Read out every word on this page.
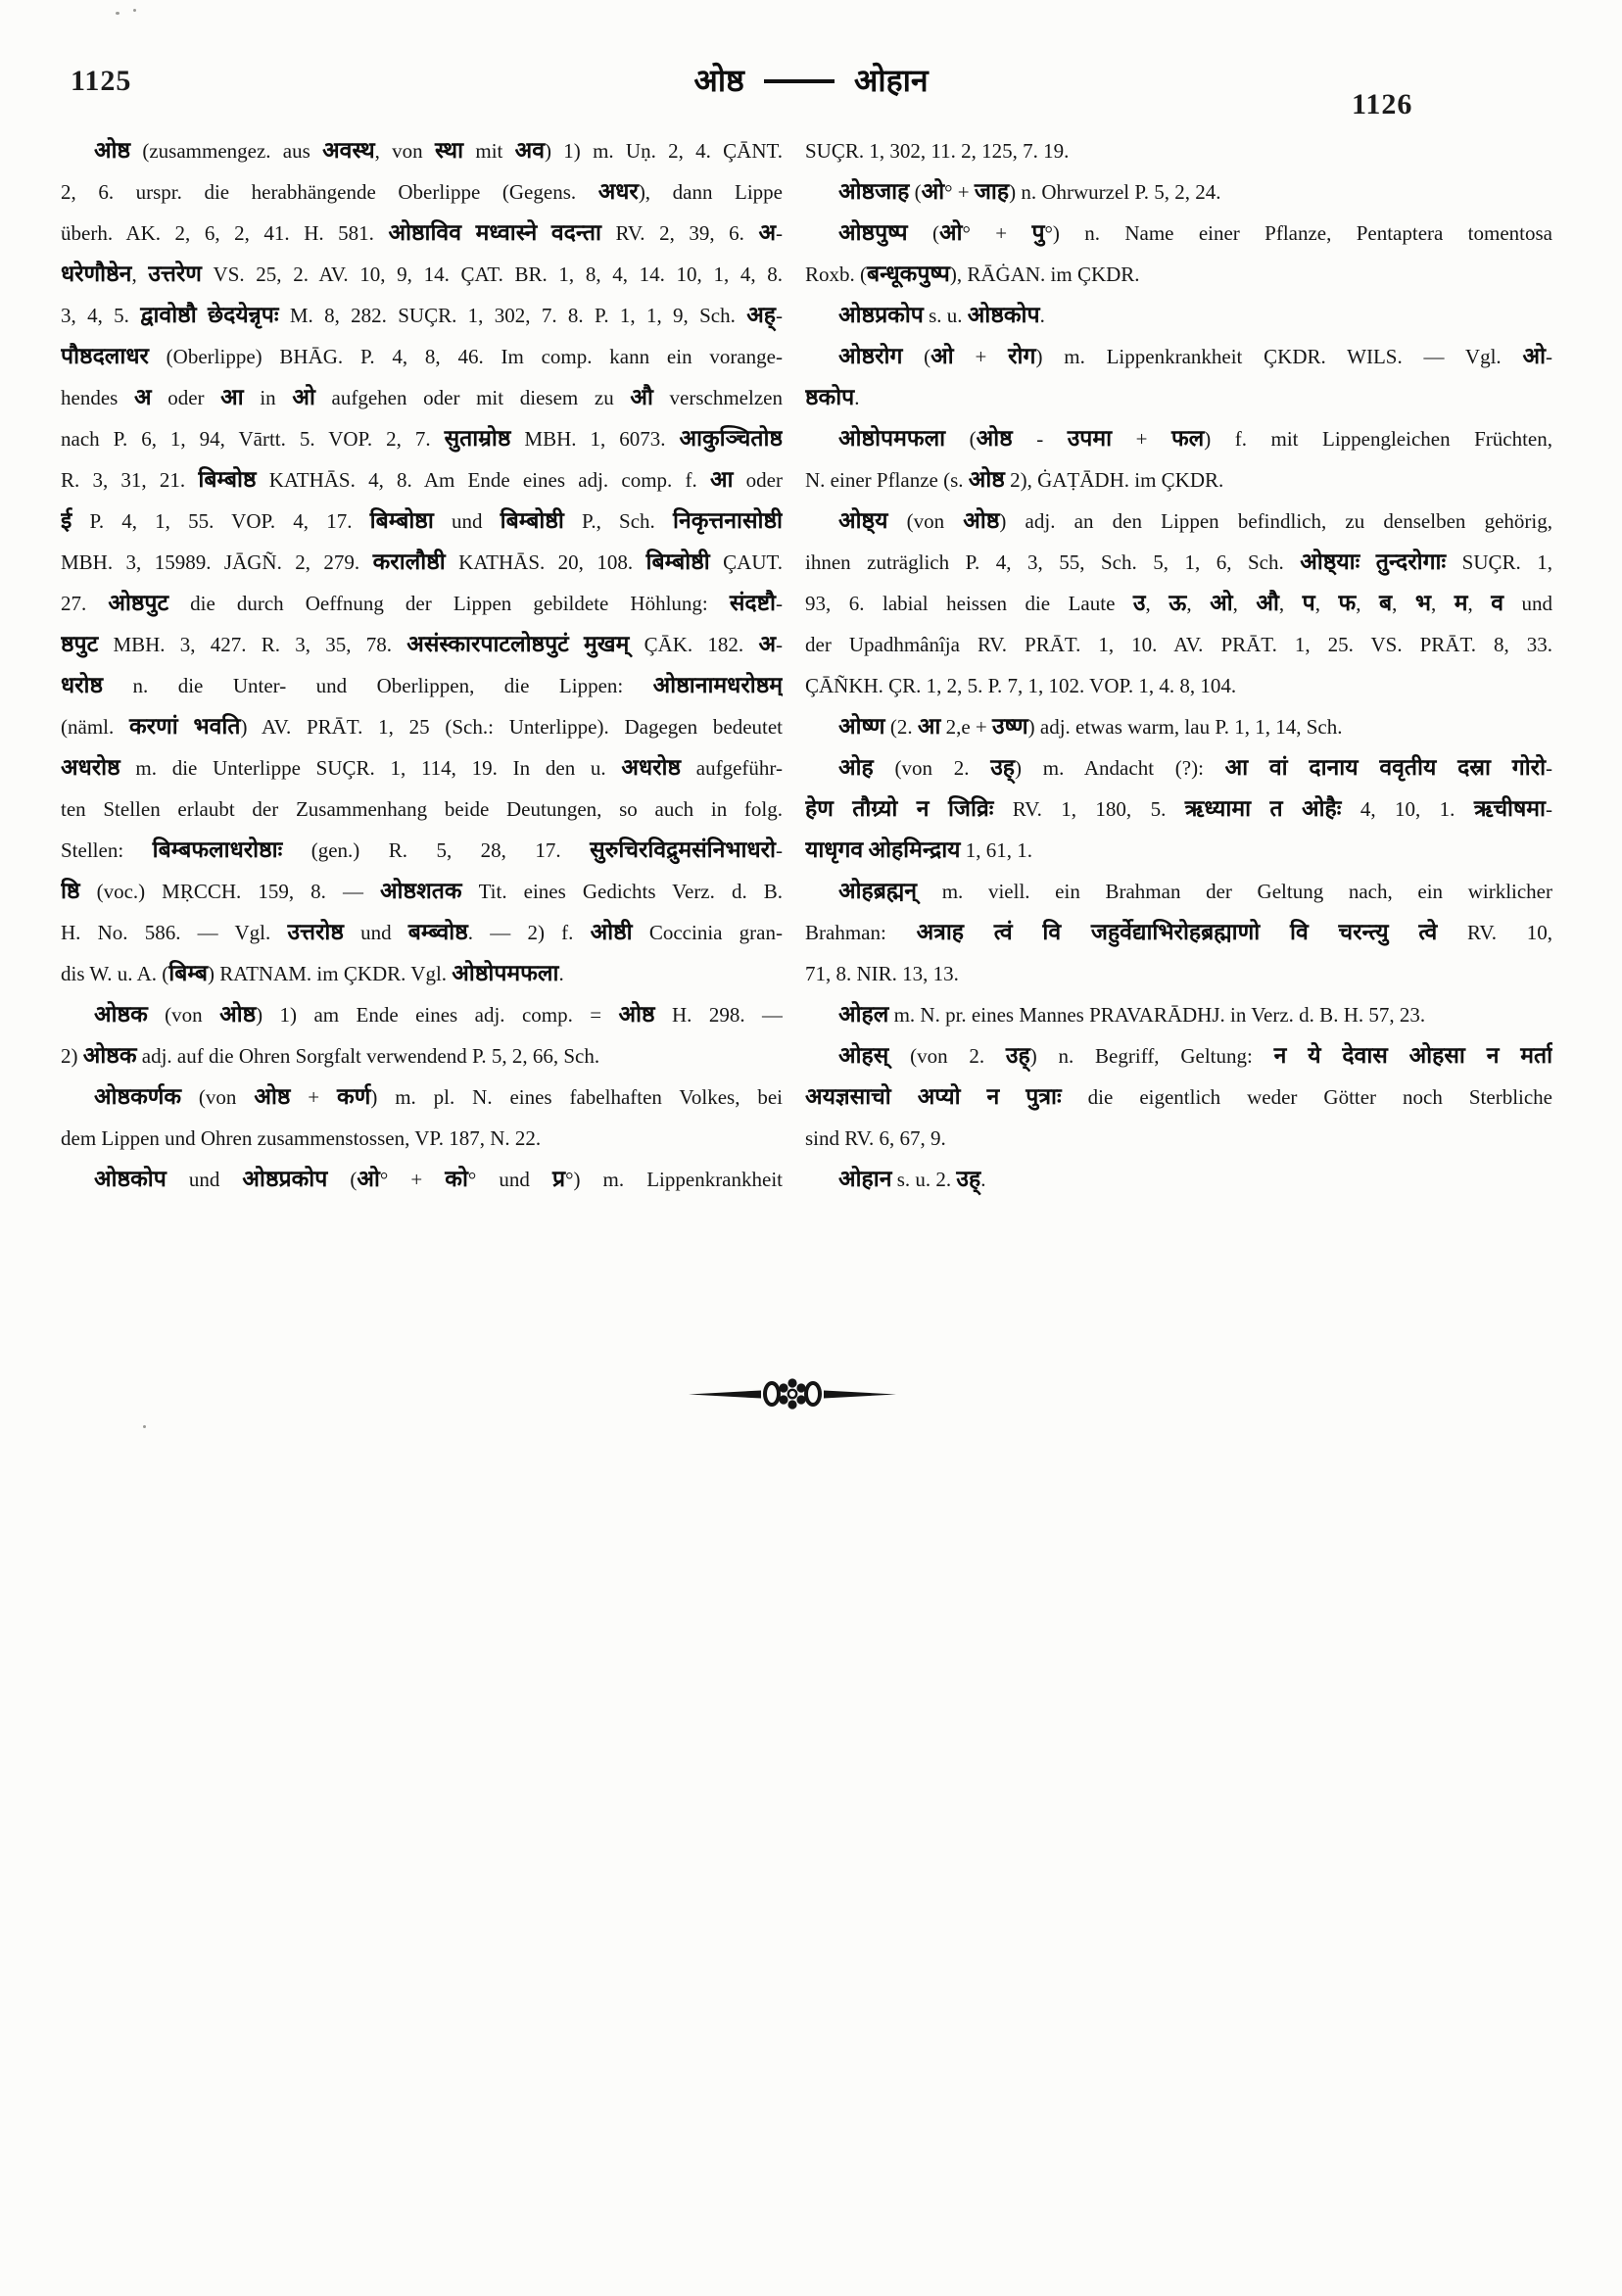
1125	ओष्ठ	ओहान
1126
ओष्ठ (zusammengez. aus अवस्थ, von स्था mit अव) 1) m. Uṇ. 2, 4. ÇĀNT.
2, 6. urspr. die herabhängende Oberlippe (Gegens. अधर), dann Lippe
überh. AK. 2, 6, 2, 41. H. 581. ओष्ठाविव मध्वास्ने वदन्ता RV. 2, 39, 6. अ-
धरेणौष्ठेन, उत्तरेण VS. 25, 2. AV. 10, 9, 14. ÇAT. BR. 1, 8, 4, 14. 10, 1, 4, 8.
3, 4, 5. द्वावोष्ठौ छेदयेन्नृपः M. 8, 282. SUÇR. 1, 302, 7. 8. P. 1, 1, 9, Sch. अह्-
पौष्ठदलाधर (Oberlippe) BHĀG. P. 4, 8, 46. Im comp. kann ein vorange-
hendes अ oder आ in ओ aufgehen oder mit diesem zu औ verschmelzen
nach P. 6, 1, 94, Vārtt. 5. VOP. 2, 7. सुताम्रोष्ठ MBH. 1, 6073. आकुञ्चितोष्ठ
R. 3, 31, 21. बिम्बोष्ठ KATHĀS. 4, 8. Am Ende eines adj. comp. f. आ oder
ई P. 4, 1, 55. VOP. 4, 17. बिम्बोष्ठा und बिम्बोष्ठी P., Sch. निकृत्तनासोष्ठी
MBH. 3, 15989. JĀGÑ. 2, 279. करालौष्ठी KATHĀS. 20, 108. बिम्बोष्ठी ÇAUT.
27. ओष्ठपुट die durch Oeffnung der Lippen gebildete Höhlung: संदष्टौ-
ष्ठपुट MBH. 3, 427. R. 3, 35, 78. असंस्कारपाटलोष्ठपुटं मुखम् ÇĀK. 182. अ-
धरोष्ठ n. die Unter- und Oberlippen, die Lippen: ओष्ठानामधरोष्ठम्
(näml. करणां भवति) AV. PRĀT. 1, 25 (Sch.: Unterlippe). Dagegen bedeutet
अधरोष्ठ m. die Unterlippe SUÇR. 1, 114, 19. In den u. अधरोष्ठ aufgeführ-
ten Stellen erlaubt der Zusammenhang beide Deutungen, so auch in folg.
Stellen: बिम्बफलाधरोष्ठाः (gen.) R. 5, 28, 17. सुरुचिरविद्रुमसंनिभाधरो-
ष्ठि (voc.) MṚCCH. 159, 8. — ओष्ठशतक Tit. eines Gedichts Verz. d. B.
H. No. 586. — Vgl. उत्तरोष्ठ und बम्ब्वोष्ठ. — 2) f. ओष्ठी Coccinia gran-
dis W. u. A. (बिम्ब) RATNAM. im ÇKDR. Vgl. ओष्ठोपमफला.
ओष्ठक (von ओष्ठ) 1) am Ende eines adj. comp. = ओष्ठ H. 298. —
2) ओष्ठक adj. auf die Ohren Sorgfalt verwendend P. 5, 2, 66, Sch.
ओष्ठकर्णक (von ओष्ठ + कर्ण) m. pl. N. eines fabelhaften Volkes, bei
dem Lippen und Ohren zusammenstossen, VP. 187, N. 22.
ओष्ठकोप und ओष्ठप्रकोप (ओ° + को° und प्र°) m. Lippenkrankheit
SUÇR. 1, 302, 11. 2, 125, 7. 19.
ओष्ठजाह (ओ° + जाह) n. Ohrwurzel P. 5, 2, 24.
ओष्ठपुष्प (ओ° + पु°) n. Name einer Pflanze, Pentaptera tomentosa
Roxb. (बन्धूकपुष्प), RĀĠAN. im ÇKDR.
ओष्ठप्रकोप s. u. ओष्ठकोप.
ओष्ठरोग (ओ + रोग) m. Lippenkrankheit ÇKDR. WILS. — Vgl. ओ-
ष्ठकोप.
ओष्ठोपमफला (ओष्ठ - उपमा + फल) f. mit Lippengleichen Früchten,
N. einer Pflanze (s. ओष्ठ 2), ĠAṬĀDH. im ÇKDR.
ओष्ठ्य (von ओष्ठ) adj. an den Lippen befindlich, zu denselben gehörig,
ihnen zuträglich P. 4, 3, 55, Sch. 5, 1, 6, Sch. ओष्ठ्याः तुन्दरोगाः SUÇR. 1,
93, 6. labial heissen die Laute उ, ऊ, ओ, औ, प, फ, ब, भ, म, व und
der Upadhmânîja RV. PRĀT. 1, 10. AV. PRĀT. 1, 25. VS. PRĀT. 8, 33.
ÇĀÑKH. ÇR. 1, 2, 5. P. 7, 1, 102. VOP. 1, 4. 8, 104.
ओष्ण (2. आ 2,e + उष्ण) adj. etwas warm, lau P. 1, 1, 14, Sch.
ओह (von 2. उह्) m. Andacht (?): आ वां दानाय ववृतीय दस्रा गोरो-
हेण तौग्र्यो न जिव्रिः RV. 1, 180, 5. ऋध्यामा त ओहैः 4, 10, 1. ऋचीषमा-
याधृगव ओहमिन्द्राय 1, 61, 1.
ओहब्रह्मन् m. viell. ein Brahman der Geltung nach, ein wirklicher
Brahman: अत्राह त्वं वि जहुर्वेद्याभिरोहब्रह्माणो वि चरन्त्यु त्वे RV. 10,
71, 8. NIR. 13, 13.
ओहल m. N. pr. eines Mannes PRAVARĀDHJ. in Verz. d. B. H. 57, 23.
ओहस् (von 2. उह्) n. Begriff, Geltung: न ये देवास ओहसा न मर्ता
अयज्ञसाचो अप्यो न पुत्राः die eigentlich weder Götter noch Sterbliche
sind RV. 6, 67, 9.
ओहान s. u. 2. उह्.
